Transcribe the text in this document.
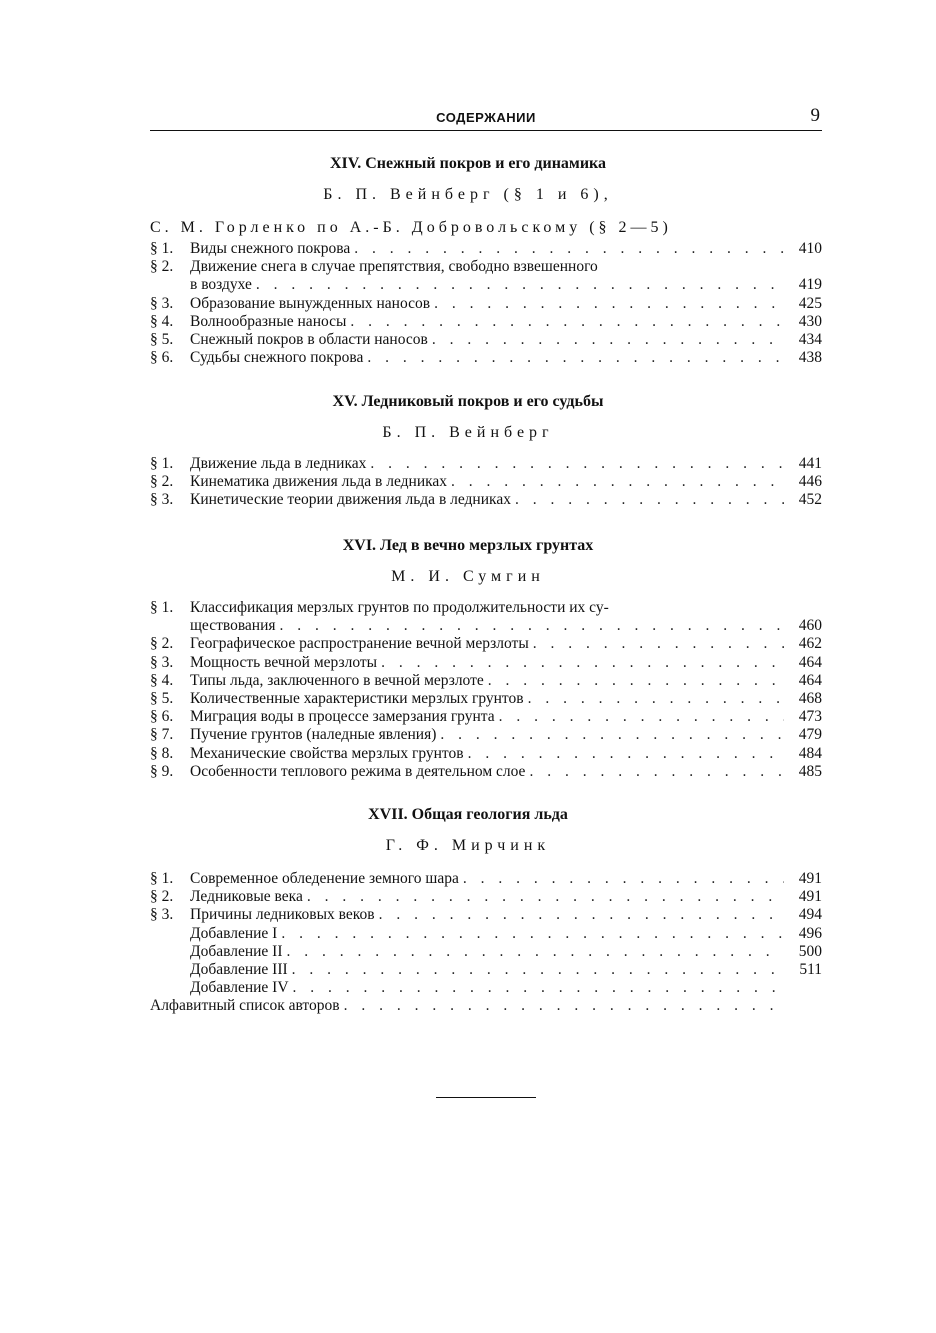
СОДЕРЖАНИИ	9
XIV. Снежный покров и его динамика
Б. П. Вейнберг (§ 1 и 6),
С. М. Горленко по А.-Б. Добровольскому (§ 2—5)
§ 1.	Виды снежного покрова . . .	410
§ 2. Движение снега в случае препятствия, свободно взвешенного
в воздухе . . .	419
§ 3.	Образование вынужденных наносов . . .	425
§ 4.	Волнообразные наносы . . .	430
§ 5.	Снежный покров в области наносов . . .	434
§ 6.	Судьбы снежного покрова . . .	438
XV. Ледниковый покров и его судьбы
Б. П. Вейнберг
§ 1.	Движение льда в ледниках . . .	441
§ 2.	Кинематика движения льда в ледниках . . .	446
§ 3.	Кинетические теории движения льда в ледниках . . .	452
XVI. Лед в вечно мерзлых грунтах
М. И. Сумгин
§ 1. Классификация мерзлых грунтов по продолжительности их су-
ществования . . .	460
§ 2.	Географическое распространение вечной мерзлоты . . .	462
§ 3.	Мощность вечной мерзлоты . . .	464
§ 4.	Типы льда, заключенного в вечной мерзлоте . . .	464
§ 5.	Количественные характеристики мерзлых грунтов . . .	468
§ 6.	Миграция воды в процессе замерзания грунта . . .	473
§ 7.	Пучение грунтов (наледные явления) . . .	479
§ 8.	Механические свойства мерзлых грунтов . . .	484
§ 9.	Особенности теплового режима в деятельном слое . . .	485
XVII. Общая геология льда
Г. Ф. Мирчинк
§ 1.	Современное обледенение земного шара . . .	491
§ 2.	Ледниковые века . . .	491
§ 3.	Причины ледниковых веков . . .	494
Добавление I . . .	496
Добавление II . . .	500
Добавление III . . .	511
Добавление IV
. . .
Алфавитный список авторов
. . .
